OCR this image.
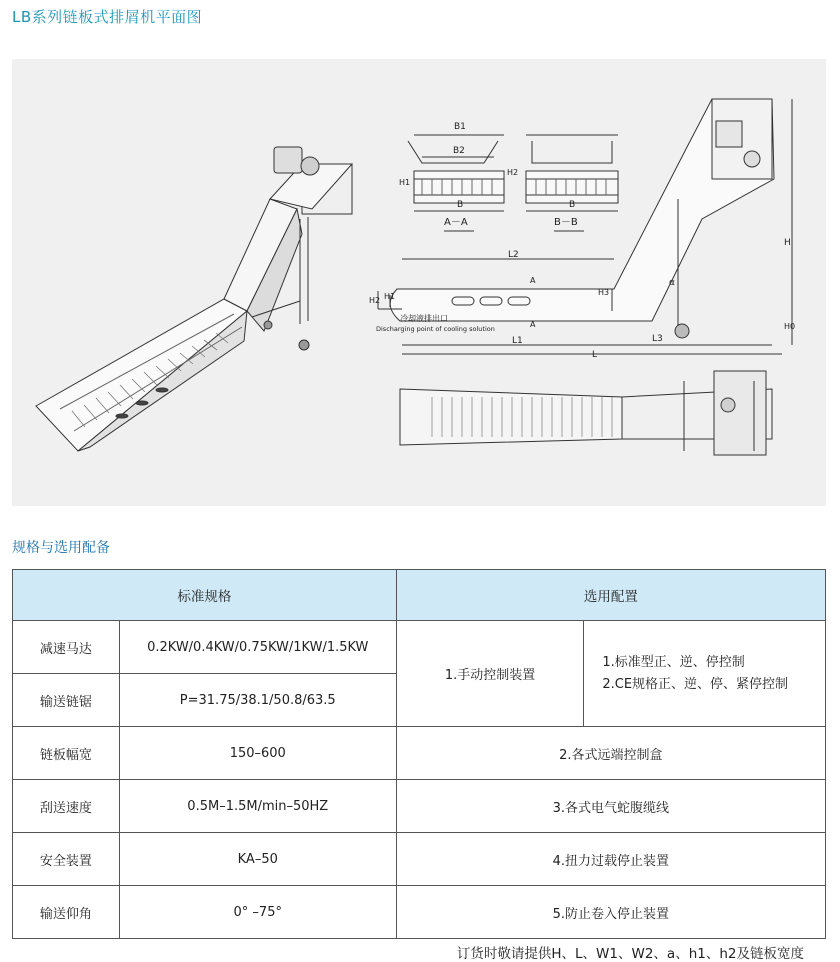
LB系列链板式排屑机平面图
B1
B2
B	B
H1
H2
A－A	B－B
L2
H2 H1	H3
H
H0
L1	L3
L
α
A
A
冷却液排出口
Discharging point of cooling solution
规格与选用配备
标准规格		选用配置	
减速马达	0.2KW/0.4KW/0.75KW/1KW/1.5KW	1.手动控制装置	1.标准型正、逆、停控制
2.CE规格正、逆、停、紧停控制

输送链锯	P=31.75/38.1/50.8/63.5		
链板幅宽	150–600	2.各式远端控制盒	
刮送速度	0.5M–1.5M/min–50HZ	3.各式电气蛇腹缆线	
安全装置	KA–50	4.扭力过载停止装置	
输送仰角	0° –75°	5.防止卷入停止装置	
订货时敬请提供H、L、W1、W2、a、h1、h2及链板宽度
